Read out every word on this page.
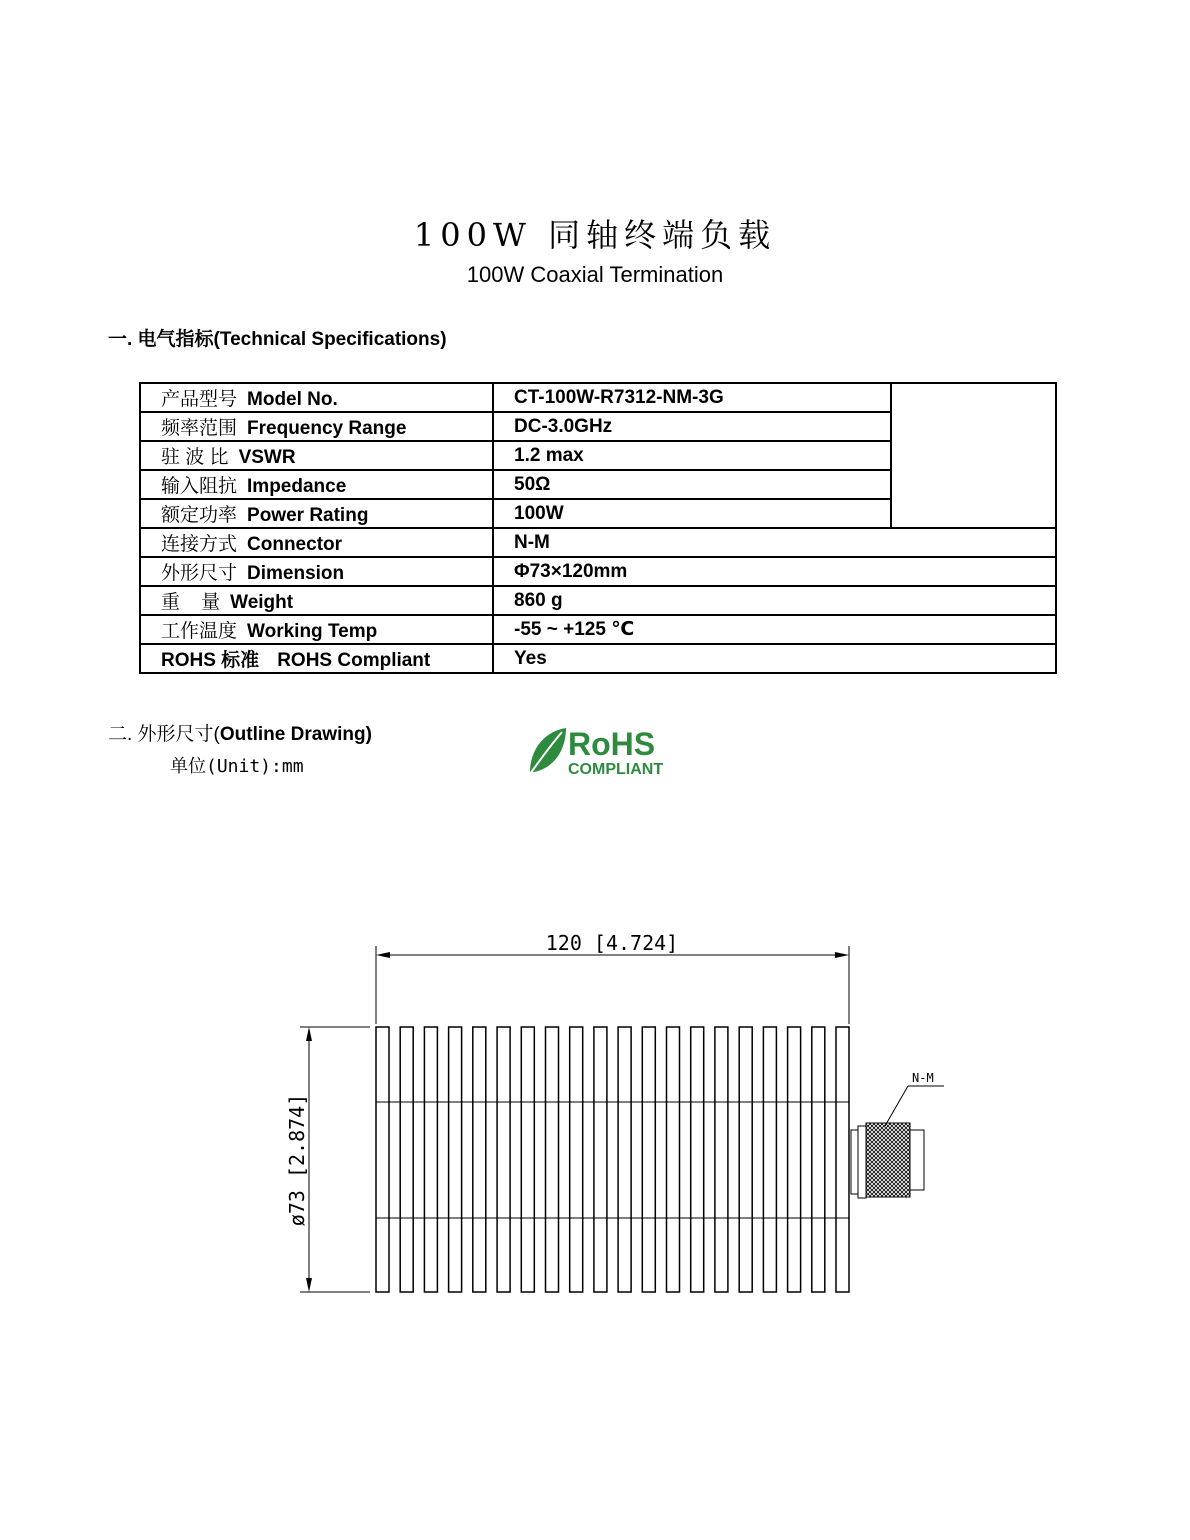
100W 同轴终端负载
100W Coaxial Termination
一. 电气指标(Technical Specifications)
产品型号 Model No.	CT-100W-R7312-NM-3G	
频率范围 Frequency Range	DC-3.0GHz	
驻 波 比 VSWR	1.2 max	
输入阻抗 Impedance	50Ω	
额定功率 Power Rating	100W	
连接方式 Connector	N-M	
外形尺寸 Dimension	Φ73×120mm	
重    量 Weight	860 g	
工作温度 Working Temp	-55 ~ +125 ℃	
ROHS 标准 ROHS Compliant	Yes	
二. 外形尺寸(Outline Drawing)
单位(Unit):mm
RoHS
COMPLIANT
120 [4.724]
ø73 [2.874]
N-M
